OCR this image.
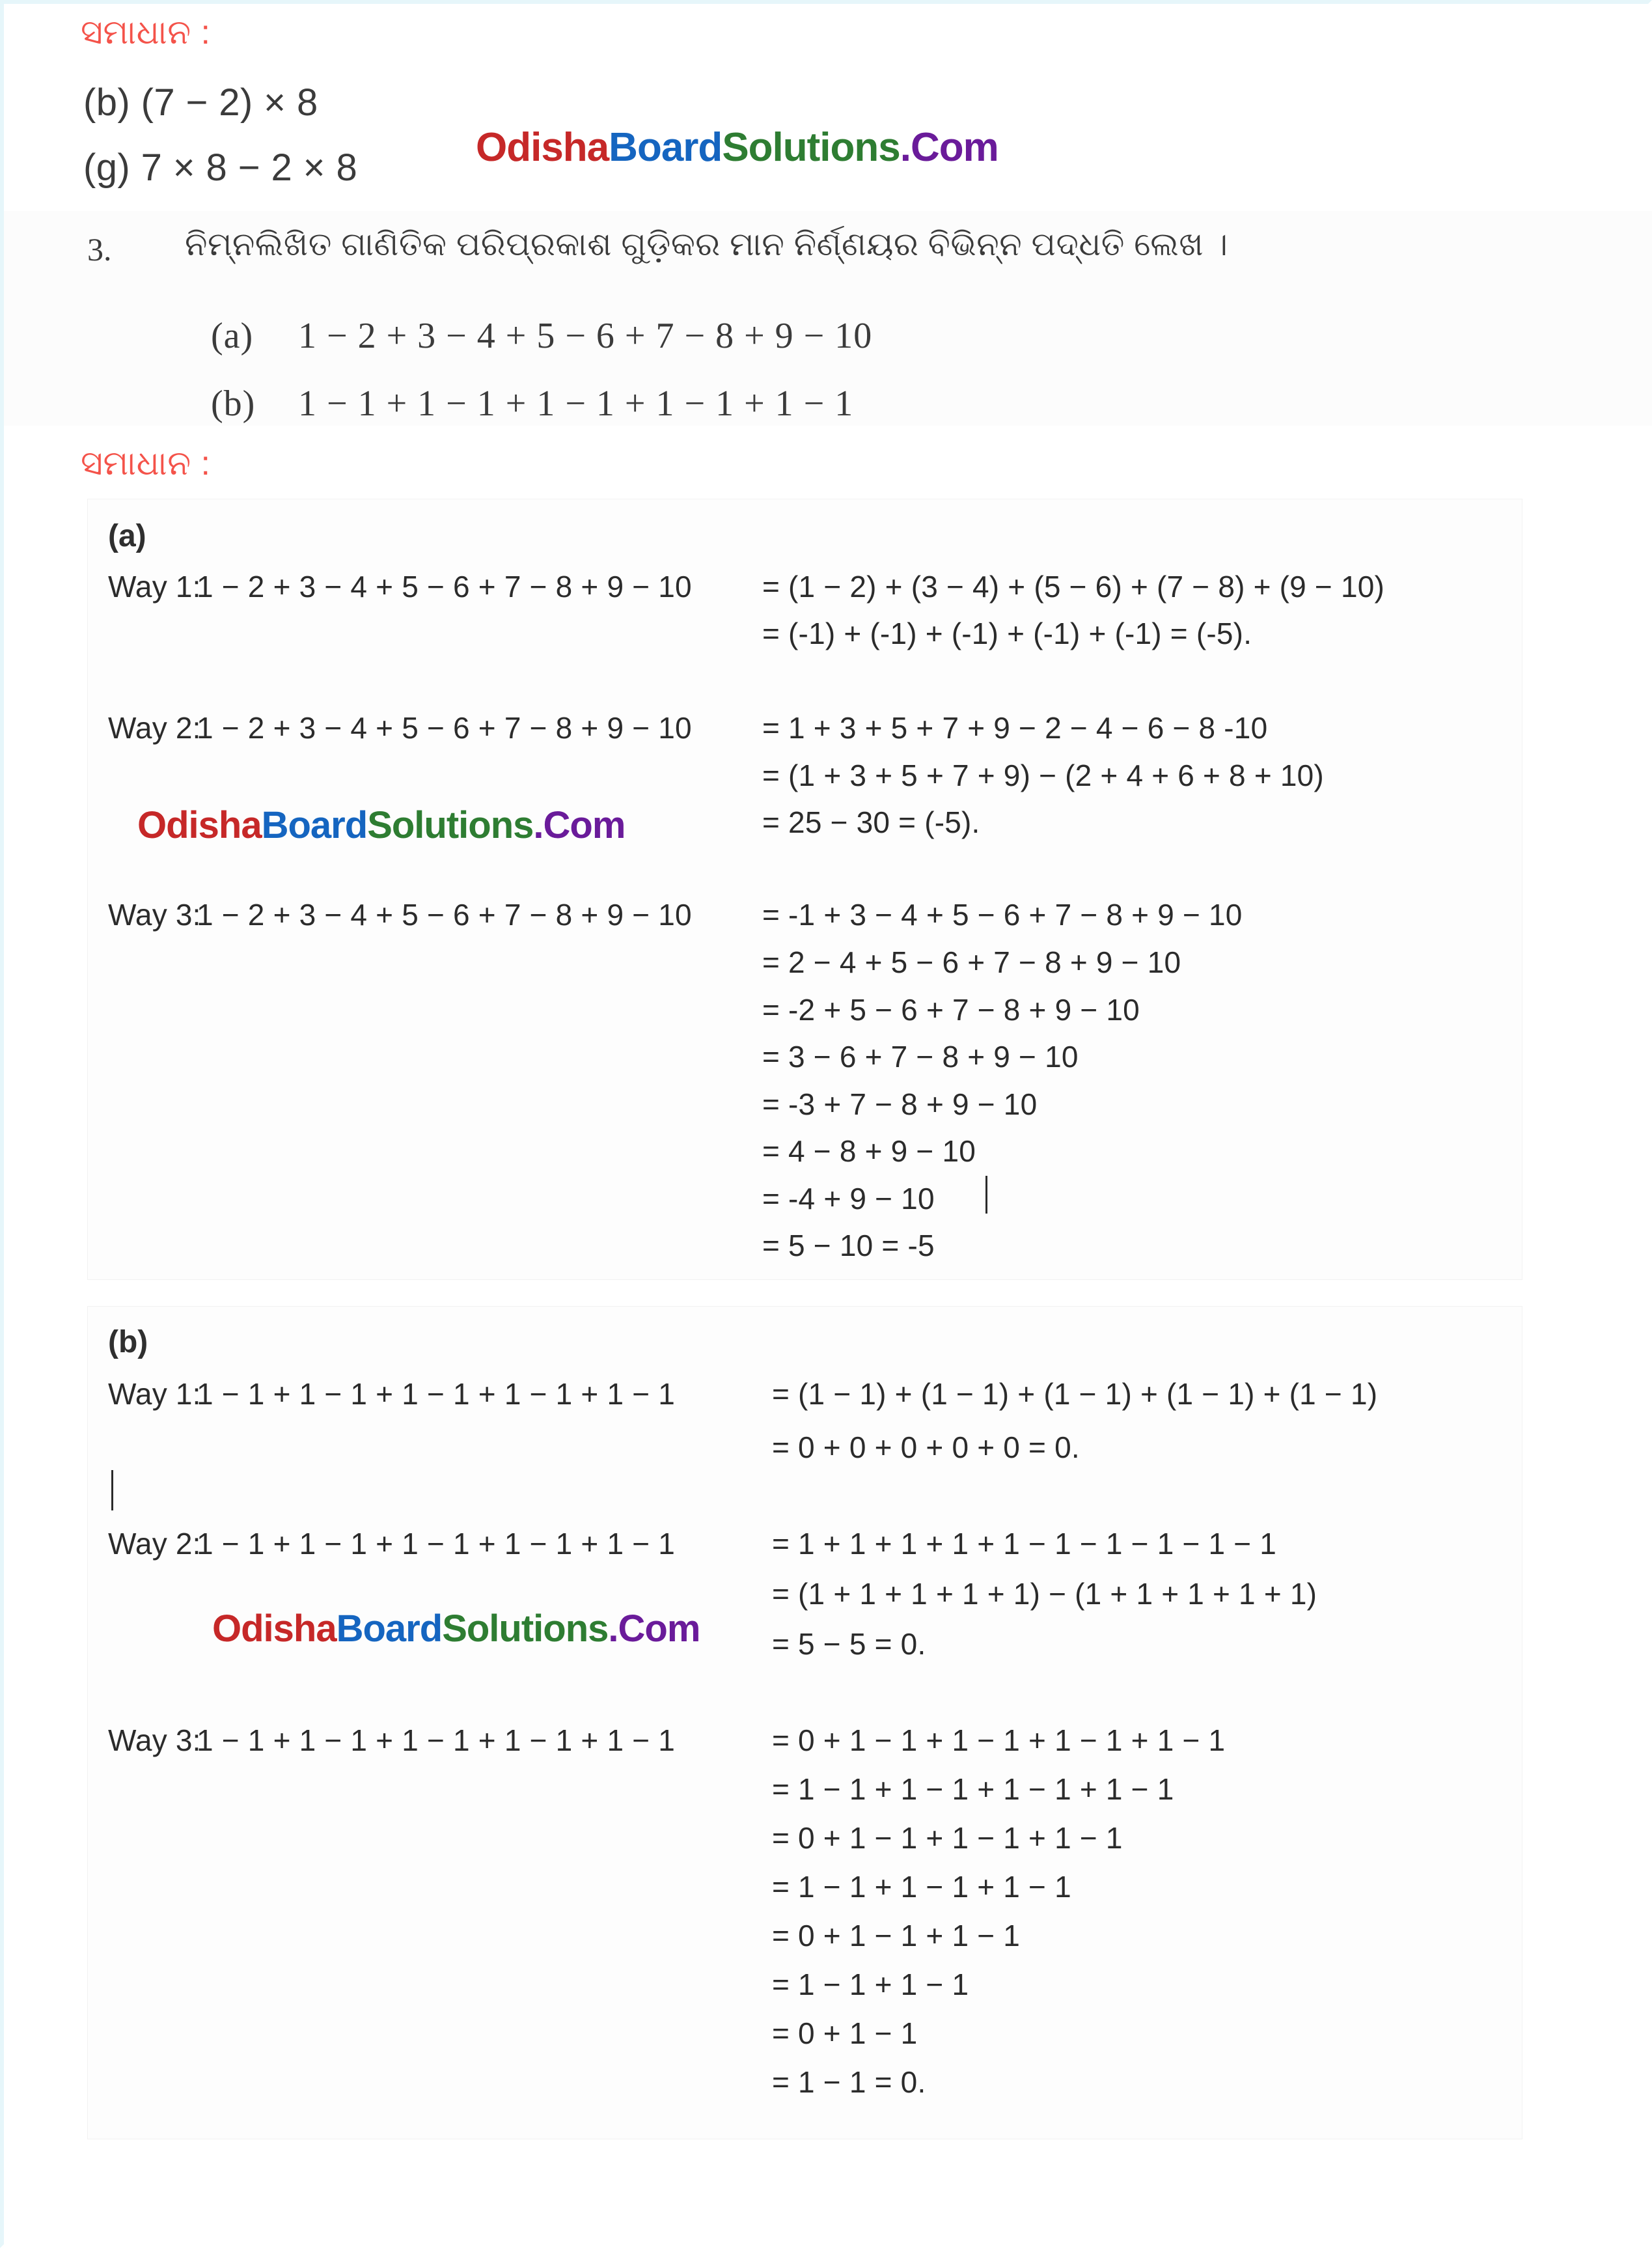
ସମାଧାନ :
(b) (7 − 2) × 8
(g) 7 × 8 − 2 × 8	OdishaBoardSolutions.Com
3. ନିମ୍ନଲିଖିତ ଗାଣିତିକ ପରିପ୍ରକାଶ ଗୁଡ଼ିକର ମାନ ନିର୍ଣ୍ଣୟର ବିଭିନ୍ନ ପଦ୍ଧତି ଲେଖ ।
(a) 1 − 2 + 3 − 4 + 5 − 6 + 7 − 8 + 9 − 10
(b) 1 − 1 + 1 − 1 + 1 − 1 + 1 − 1 + 1 − 1
ସମାଧାନ :
(a)
Way 1:
1 − 2 + 3 − 4 + 5 − 6 + 7 − 8 + 9 − 10 = (1 − 2) + (3 − 4) + (5 − 6) + (7 − 8) + (9 − 10)
= (-1) + (-1) + (-1) + (-1) + (-1) = (-5).
Way 2:
1 − 2 + 3 − 4 + 5 − 6 + 7 − 8 + 9 − 10 = 1 + 3 + 5 + 7 + 9 − 2 − 4 − 6 − 8 -10
= (1 + 3 + 5 + 7 + 9) − (2 + 4 + 6 + 8 + 10)
= 25 − 30 = (-5).
OdishaBoardSolutions.Com
Way 3:
1 − 2 + 3 − 4 + 5 − 6 + 7 − 8 + 9 − 10 = -1 + 3 − 4 + 5 − 6 + 7 − 8 + 9 − 10
= 2 − 4 + 5 − 6 + 7 − 8 + 9 − 10
= -2 + 5 − 6 + 7 − 8 + 9 − 10
= 3 − 6 + 7 − 8 + 9 − 10
= -3 + 7 − 8 + 9 − 10
= 4 − 8 + 9 − 10
= -4 + 9 − 10
= 5 − 10 = -5
(b)
Way 1:
1 − 1 + 1 − 1 + 1 − 1 + 1 − 1 + 1 − 1	= (1 − 1) + (1 − 1) + (1 − 1) + (1 − 1) + (1 − 1)
= 0 + 0 + 0 + 0 + 0 = 0.
Way 2:
1 − 1 + 1 − 1 + 1 − 1 + 1 − 1 + 1 − 1	= 1 + 1 + 1 + 1 + 1 − 1 − 1 − 1 − 1 − 1
= (1 + 1 + 1 + 1 + 1) − (1 + 1 + 1 + 1 + 1)
= 5 − 5 = 0.
OdishaBoardSolutions.Com
Way 3:
1 − 1 + 1 − 1 + 1 − 1 + 1 − 1 + 1 − 1	= 0 + 1 − 1 + 1 − 1 + 1 − 1 + 1 − 1
= 1 − 1 + 1 − 1 + 1 − 1 + 1 − 1
= 0 + 1 − 1 + 1 − 1 + 1 − 1
= 1 − 1 + 1 − 1 + 1 − 1
= 0 + 1 − 1 + 1 − 1
= 1 − 1 + 1 − 1
= 0 + 1 − 1
= 1 − 1 = 0.
